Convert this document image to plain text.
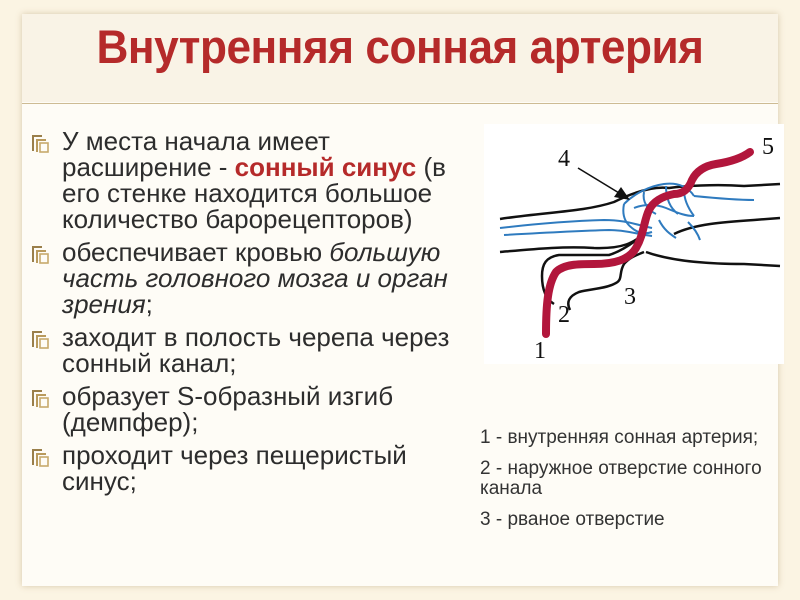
Внутренняя сонная артерия
У места начала имеет расширение - сонный синус (в его стенке находится большое количество барорецепторов)
обеспечивает кровью большую часть головного мозга и орган зрения;
заходит в полость черепа через сонный канал;
образует S-образный изгиб (демпфер);
проходит через пещеристый синус;
4	5
3
2
1
1 - внутренняя сонная артерия;
2 - наружное отверстие сонного канала
3 - рваное отверстие
